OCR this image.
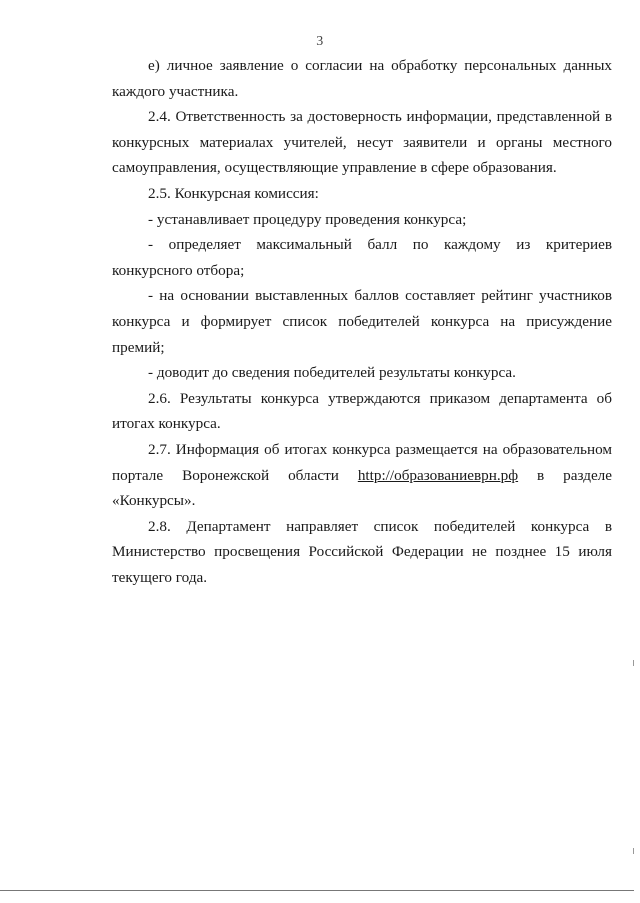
3

е) личное заявление о согласии на обработку персональных данных каждого участника.

2.4. Ответственность за достоверность информации, представленной в конкурсных материалах учителей, несут заявители и органы местного самоуправления, осуществляющие управление в сфере образования.

2.5. Конкурсная комиссия:

- устанавливает процедуру проведения конкурса;

- определяет максимальный балл по каждому из критериев конкурсного отбора;

- на основании выставленных баллов составляет рейтинг участников конкурса и формирует список победителей конкурса на присуждение премий;

- доводит до сведения победителей результаты конкурса.

2.6. Результаты конкурса утверждаются приказом департамента об итогах конкурса.

2.7. Информация об итогах конкурса размещается на образовательном портале Воронежской области http://образованиеврн.рф в разделе «Конкурсы».

2.8. Департамент направляет список победителей конкурса в Министерство просвещения Российской Федерации не позднее 15 июля текущего года.
